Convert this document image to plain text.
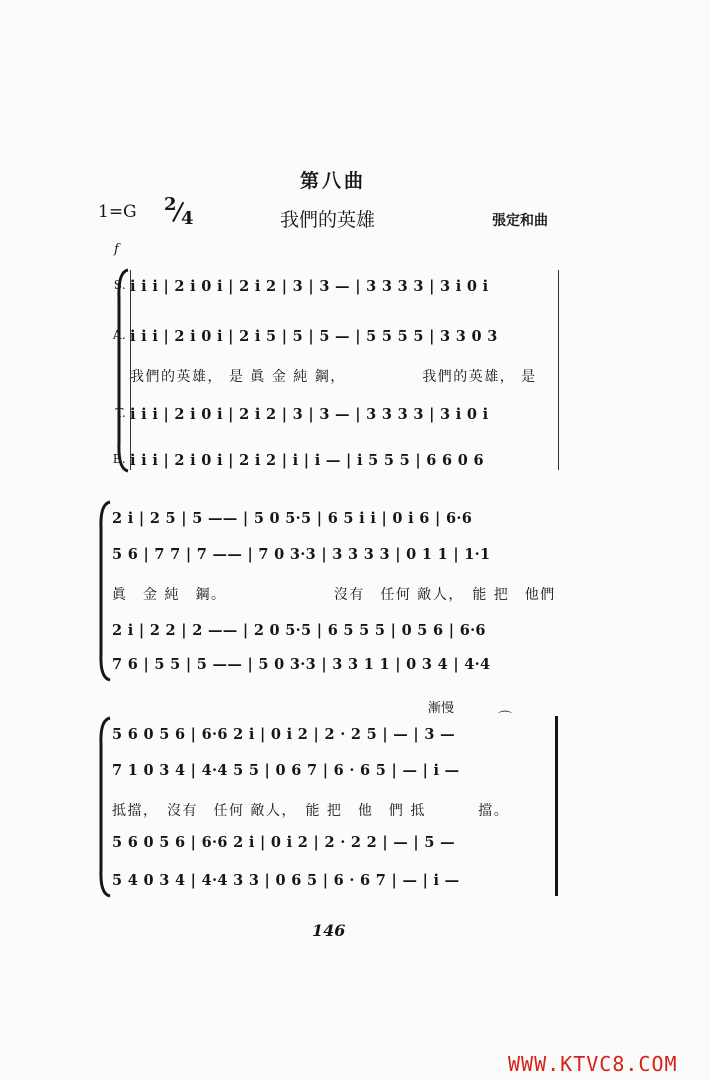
第八曲
1=G 2
4	我們的英雄	張定和曲
f
S. i i i | 2 i 0 i | 2 i 2 | 3 | 3 — | 3 3 3 3 | 3 i 0 i
A. i i i | 2 i 0 i | 2 i 5 | 5 | 5 — | 5 5 5 5 | 3 3 0 3
我們的英雄， 是 眞 金 純 鋼，　　　　　 我們的英雄， 是
T. i i i | 2 i 0 i | 2 i 2 | 3 | 3 — | 3 3 3 3 | 3 i 0 i
B. i i i | 2 i 0 i | 2 i 2 | i | i — | i 5 5 5 | 6 6 0 6
2 i | 2 5 | 5 —— | 5 0 5·5 | 6 5 i i | 0 i 6 | 6·6
5 6 | 7 7 | 7 —— | 7 0 3·3 | 3 3 3 3 | 0 1 1 | 1·1
眞　金 純　鋼。　　　　　　　 沒有　任何 敵人，　能 把　他們
2 i | 2 2 | 2 —— | 2 0 5·5 | 6 5 5 5 | 0 5 6 | 6·6
7 6 | 5 5 | 5 —— | 5 0 3·3 | 3 3 1 1 | 0 3 4 | 4·4
漸慢
⌒
5 6 0 5 6 | 6·6 2 i | 0 i 2 | 2 · 2 5 | — | 3 —
7 1 0 3 4 | 4·4 5 5 | 0 6 7 | 6 · 6 5 | — | i —
抵擋，　沒有　任何 敵人，　能 把　他　們 抵　　　 擋。
5 6 0 5 6 | 6·6 2 i | 0 i 2 | 2 · 2 2 | — | 5 —
5 4 0 3 4 | 4·4 3 3 | 0 6 5 | 6 · 6 7 | — | i —
146
WWW.KTVC8.COM
